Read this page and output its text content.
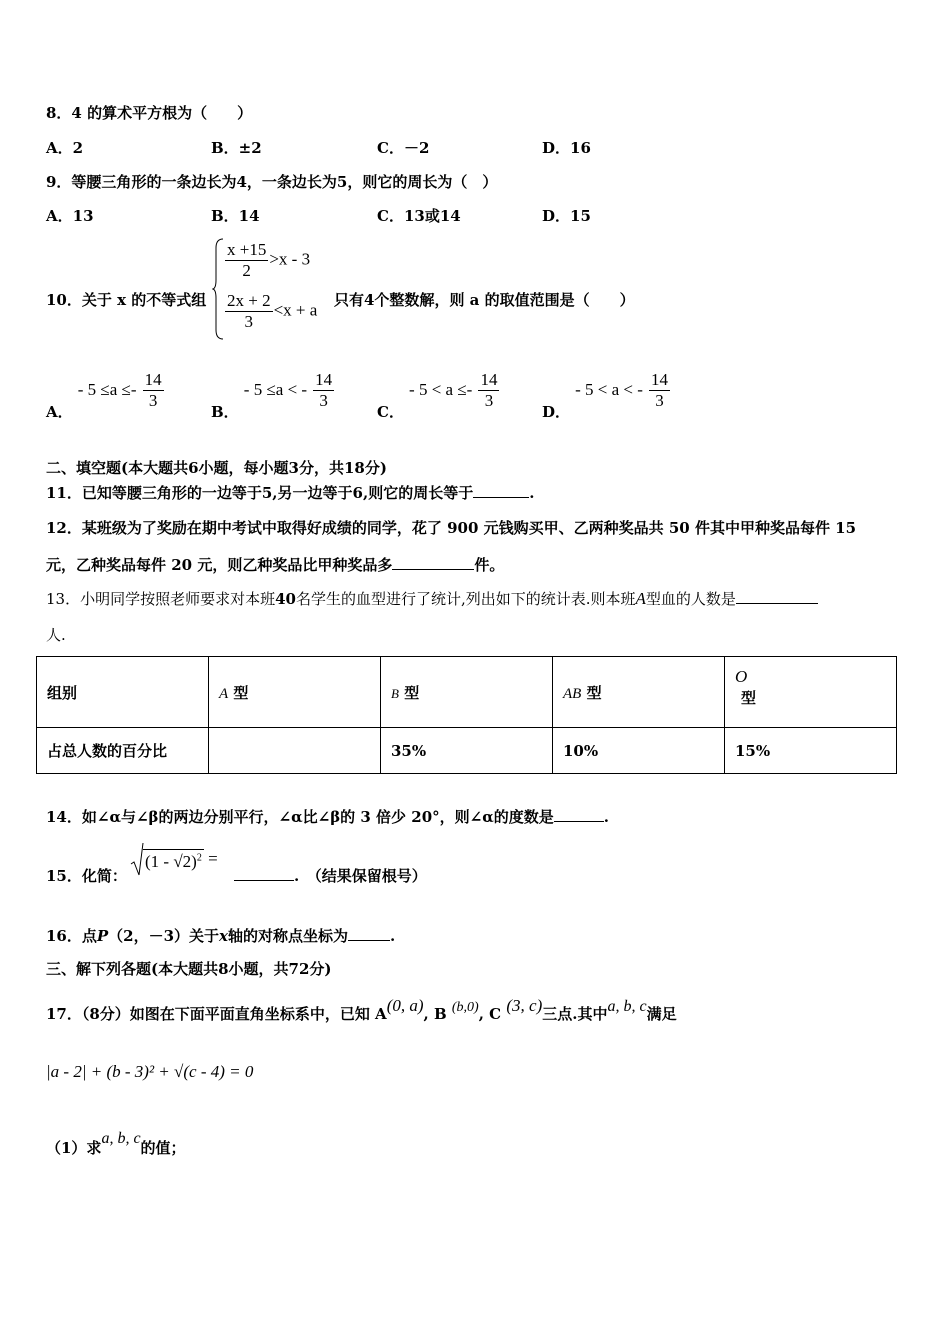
8．4 的算术平方根为（　　）
A．2	B．±2	C．－2	D．16
9．等腰三角形的一条边长为4，一条边长为5，则它的周长为（　）
A．13	B．14	C．13或14	D．15
10．关于 x 的不等式组
$\frac{x +15}{2} >x - 3$
$\frac{2x + 2}{3} <x + a$
只有4个整数解，则 a 的取值范围是（　　）
A． - $5 \le a \le- \frac{14}{3}$
B． - 5 ≤a < - $\frac{14}{3}$
C． - $5 < a \le- \frac{14}{3}$
D． - 5 < a < - $\frac{14}{3}$
二、填空题(本大题共6小题，每小题3分，共18分)
11．已知等腰三角形的一边等于5,另一边等于6,则它的周长等于	.
12．某班级为了奖励在期中考试中取得好成绩的同学，花了 900 元钱购买甲、乙两种奖品共 50 件其中甲种奖品每件 15
元，乙种奖品每件 20 元，则乙种奖品比甲种奖品多	件。
13．小明同学按照老师要求对本班40名学生的血型进行了统计,列出如下的统计表.则本班A型血的人数是
人.
组别	A 型	B 型	AB 型	O
型

占总人数的百分比		35%	10%	15%
14．如∠α与∠β的两边分别平行，∠α比∠β的 3 倍少 20°，则∠α的度数是	.
15．化简：
(1 - √2)$^2$ =
.　 （结果保留根号）
16．点P（2，－3）关于x轴的对称点坐标为	.
三、解下列各题(本大题共8小题，共72分)
17．（8分）如图在下面平面直角坐标系中，已知 A(0, a), B (b,0), C (3, c)三点.其中a, b, c满足
|a - 2| + (b - 3)² + √(c - 4) = 0
（1）求a, b, c的值；
